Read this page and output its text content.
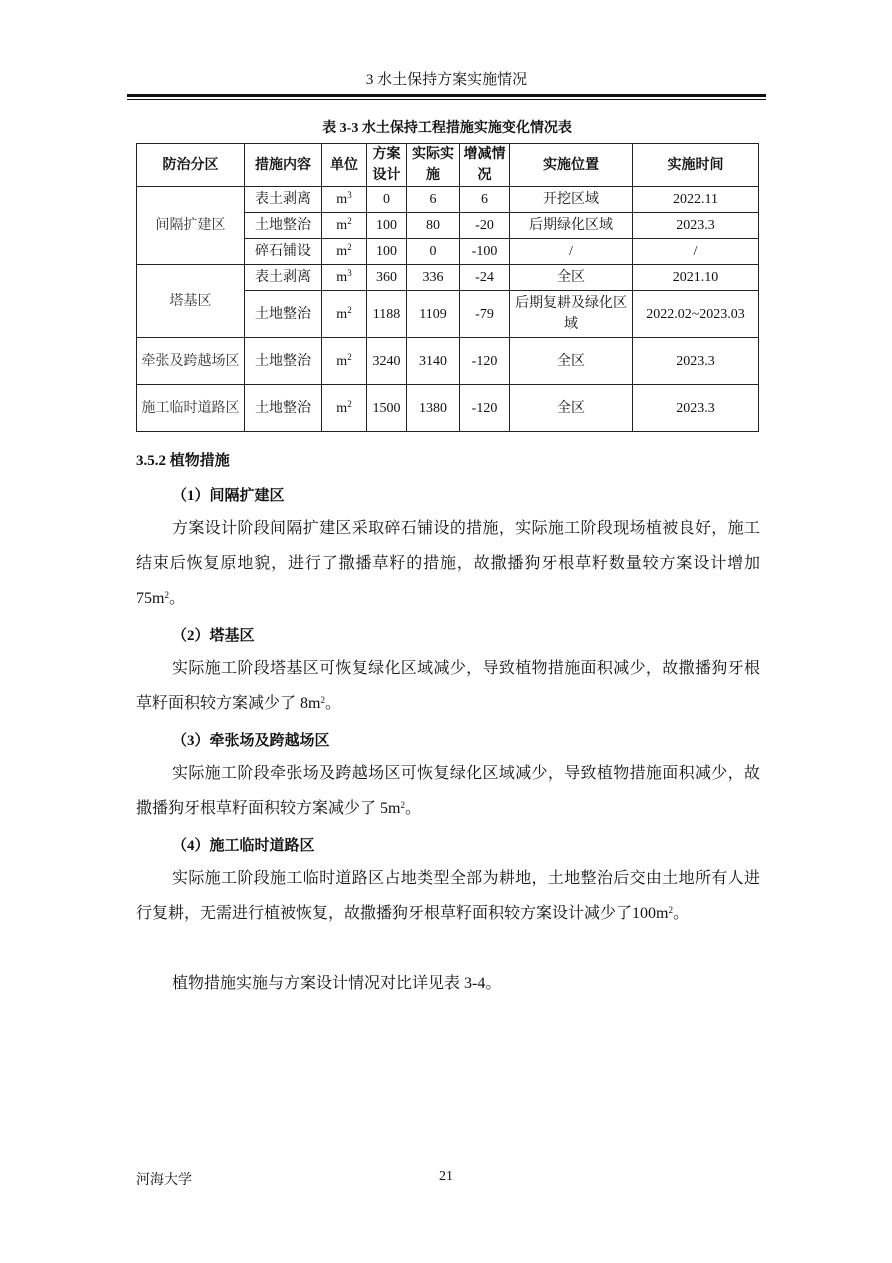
3 水土保持方案实施情况
表 3-3 水土保持工程措施实施变化情况表
防治分区	措施内容	单位	方案设计	实际实施	增减情况	实施位置	实施时间
间隔扩建区	表土剥离	$m^3$	0	6	6	开挖区域	2022.11
	土地整治	$m^2$	100	80	-20	后期绿化区域	2023.3
	碎石铺设	$m^2$	100	0	-100	/	/
塔基区	表土剥离	$m^3$	360	336	-24	全区	2021.10
	土地整治	$m^2$	1188	1109	-79	后期复耕及绿化区域	2022.02~2023.03
牵张及跨越场区	土地整治	$m^2$	3240	3140	-120	全区	2023.3
施工临时道路区	土地整治	$m^2$	1500	1380	-120	全区	2023.3
3.5.2 植物措施
（1）间隔扩建区

方案设计阶段间隔扩建区采取碎石铺设的措施，实际施工阶段现场植被良好，施工结束后恢复原地貌，进行了撒播草籽的措施，故撒播狗牙根草籽数量较方案设计增加 $75m^2$。

（2）塔基区

实际施工阶段塔基区可恢复绿化区域减少，导致植物措施面积减少，故撒播狗牙根草籽面积较方案减少了 $8m^2$。

（3）牵张场及跨越场区

实际施工阶段牵张场及跨越场区可恢复绿化区域减少，导致植物措施面积减少，故撒播狗牙根草籽面积较方案减少了 $5m^2$。

（4）施工临时道路区

实际施工阶段施工临时道路区占地类型全部为耕地，土地整治后交由土地所有人进行复耕，无需进行植被恢复，故撒播狗牙根草籽面积较方案设计减少了$100m^2$。

植物措施实施与方案设计情况对比详见表 3-4。

河海大学	21
